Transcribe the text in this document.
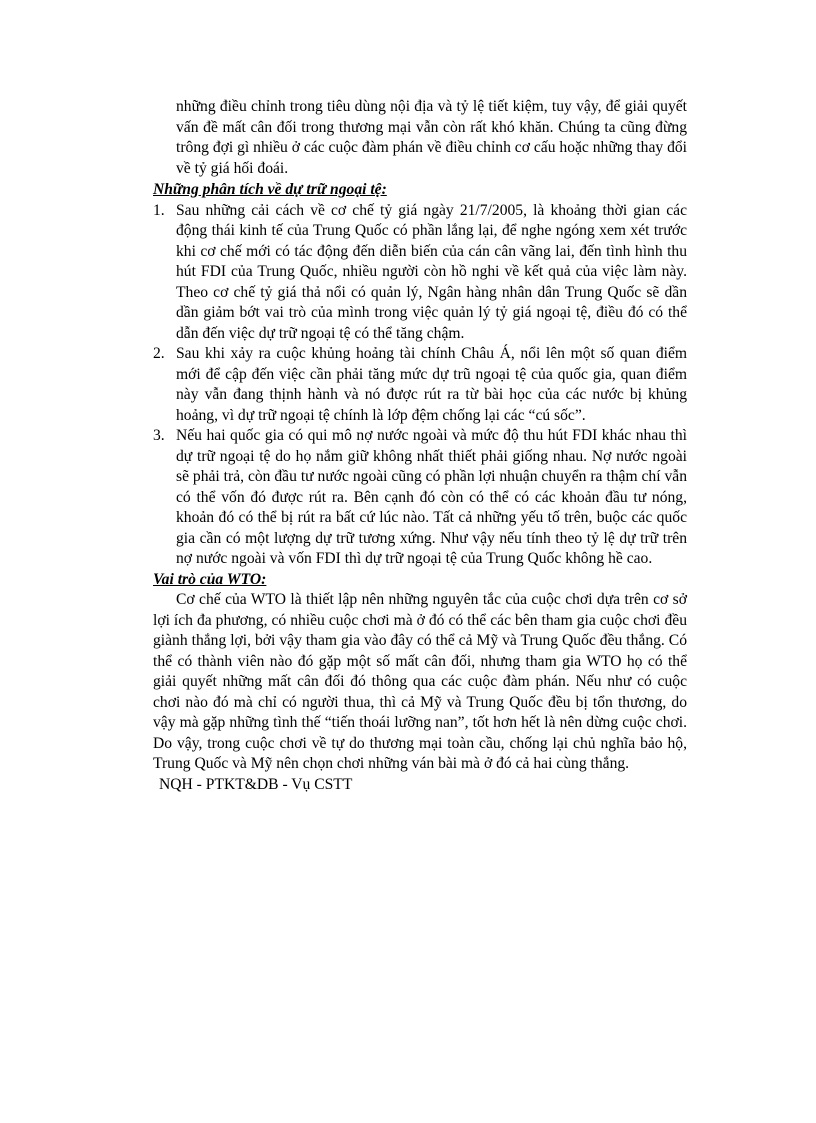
những điều chỉnh trong tiêu dùng nội địa và tỷ lệ tiết kiệm, tuy vậy, để giải quyết vấn đề mất cân đối trong thương mại vẫn còn rất khó khăn. Chúng ta cũng đừng trông đợi gì nhiều ở các cuộc đàm phán về điều chỉnh cơ cấu hoặc những thay đổi về tỷ giá hối đoái.

Những phân tích về dự trữ ngoại tệ:

1. Sau những cải cách về cơ chế tỷ giá ngày 21/7/2005, là khoảng thời gian các động thái kinh tế của Trung Quốc có phần lắng lại, để nghe ngóng xem xét trước khi cơ chế mới có tác động đến diễn biến của cán cân vãng lai, đến tình hình thu hút FDI của Trung Quốc, nhiều người còn hồ nghi về kết quả của việc làm này. Theo cơ chế tỷ giá thả nổi có quản lý, Ngân hàng nhân dân Trung Quốc sẽ dần dần giảm bớt vai trò của mình trong việc quản lý tỷ giá ngoại tệ, điều đó có thể dẫn đến việc dự trữ ngoại tệ có thể tăng chậm.
2. Sau khi xảy ra cuộc khủng hoảng tài chính Châu Á, nổi lên một số quan điểm mới để cập đến việc cần phải tăng mức dự trũ ngoại tệ của quốc gia, quan điểm này vẫn đang thịnh hành và nó được rút ra từ bài học của các nước bị khủng hoảng, vì dự trữ ngoại tệ chính là lớp đệm chống lại các “cú sốc”.
3. Nếu hai quốc gia có qui mô nợ nước ngoài và mức độ thu hút FDI khác nhau thì dự trữ ngoại tệ do họ nắm giữ không nhất thiết phải giống nhau. Nợ nước ngoài sẽ phải trả, còn đầu tư nước ngoài cũng có phần lợi nhuận chuyển ra thậm chí vẫn có thể vốn đó được rút ra. Bên cạnh đó còn có thể có các khoản đầu tư nóng, khoản đó có thể bị rút ra bất cứ lúc nào. Tất cả những yếu tố trên, buộc các quốc gia cần có một lượng dự trữ tương xứng. Như vậy nếu tính theo tỷ lệ dự trữ trên nợ nước ngoài và vốn FDI thì dự trữ ngoại tệ của Trung Quốc không hề cao.

Vai trò của WTO:

Cơ chế của WTO là thiết lập nên những nguyên tắc của cuộc chơi dựa trên cơ sở lợi ích đa phương, có nhiều cuộc chơi mà ở đó có thể các bên tham gia cuộc chơi đều giành thắng lợi, bởi vậy tham gia vào đây có thể cả Mỹ và Trung Quốc đều thắng. Có thể có thành viên nào đó gặp một số mất cân đối, nhưng tham gia WTO họ có thể giải quyết những mất cân đối đó thông qua các cuộc đàm phán. Nếu như có cuộc chơi nào đó mà chỉ có người thua, thì cả Mỹ và Trung Quốc đều bị tổn thương, do vậy mà gặp những tình thế “tiến thoái lưỡng nan”, tốt hơn hết là nên dừng cuộc chơi. Do vậy, trong cuộc chơi về tự do thương mại toàn cầu, chống lại chủ nghĩa bảo hộ, Trung Quốc và Mỹ nên chọn chơi những ván bài mà ở đó cả hai cùng thắng.

NQH - PTKT&DB - Vụ CSTT
